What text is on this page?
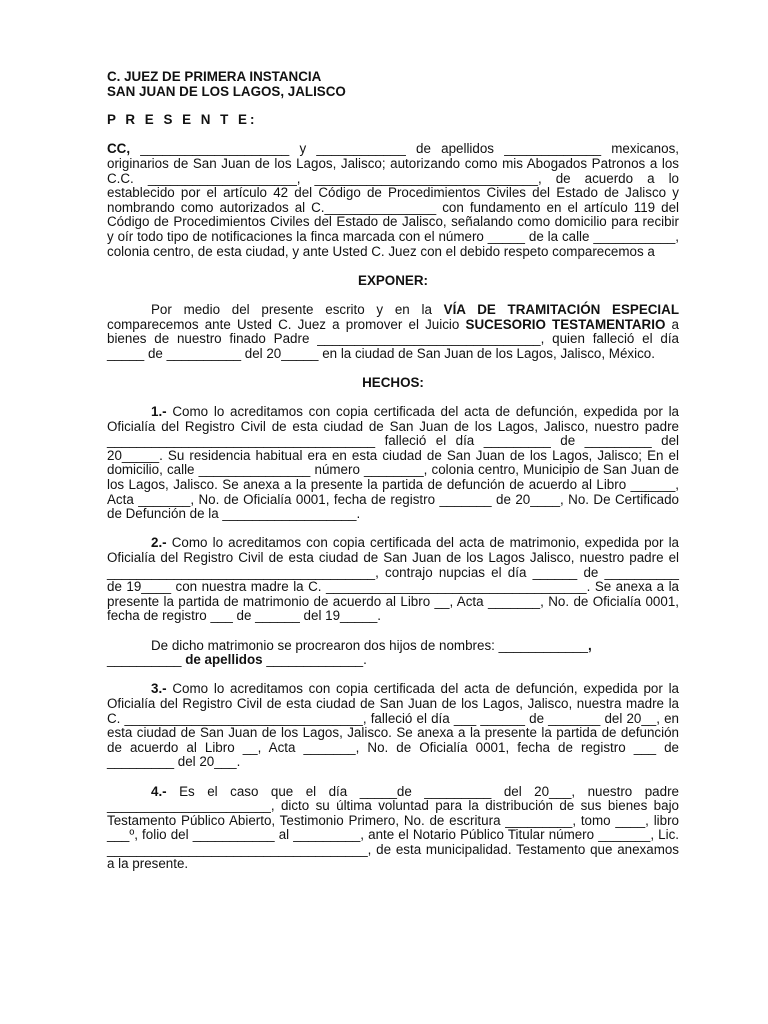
C. JUEZ DE PRIMERA INSTANCIA

SAN JUAN DE LOS LAGOS, JALISCO

P R E S E N T E:

CC, ____________________ y ____________ de apellidos _____________ mexicanos, originarios de San Juan de los Lagos, Jalisco; autorizando como mis Abogados Patronos a los C.C. ____________________, ______________________________, de acuerdo a lo establecido por el artículo 42 del Código de Procedimientos Civiles del Estado de Jalisco y nombrando como autorizados al C._______________ con fundamento en el artículo 119 del Código de Procedimientos Civiles del Estado de Jalisco, señalando como domicilio para recibir y oír todo tipo de notificaciones la finca marcada con el número _____ de la calle ___________, colonia centro, de esta ciudad, y ante Usted C. Juez con el debido respeto comparecemos a

EXPONER:

Por medio del presente escrito y en la VÍA DE TRAMITACIÓN ESPECIAL comparecemos ante Usted C. Juez a promover el Juicio SUCESORIO TESTAMENTARIO a bienes de nuestro finado Padre ______________________________, quien falleció el día _____ de __________ del 20_____ en la ciudad de San Juan de los Lagos, Jalisco, México.

HECHOS:

1.- Como lo acreditamos con copia certificada del acta de defunción, expedida por la Oficialía del Registro Civil de esta ciudad de San Juan de los Lagos, Jalisco, nuestro padre ____________________________________ falleció el día _________ de _________ del 20_____. Su residencia habitual era en esta ciudad de San Juan de los Lagos, Jalisco; En el domicilio, calle _______________ número ________, colonia centro, Municipio de San Juan de los Lagos, Jalisco. Se anexa a la presente la partida de defunción de acuerdo al Libro ______, Acta _______, No. de Oficialía 0001, fecha de registro _______ de 20____, No. De Certificado de Defunción de la __________________.

2.- Como lo acreditamos con copia certificada del acta de matrimonio, expedida por la Oficialía del Registro Civil de esta ciudad de San Juan de los Lagos Jalisco, nuestro padre el ____________________________________, contrajo nupcias el día ______ de __________ de 19____ con nuestra madre la C. ___________________________________. Se anexa a la presente la partida de matrimonio de acuerdo al Libro __, Acta _______, No. de Oficialía 0001, fecha de registro ___ de ______ del 19_____.

De dicho matrimonio se procrearon dos hijos de nombres: ____________,

__________ de apellidos _____________.

3.- Como lo acreditamos con copia certificada del acta de defunción, expedida por la Oficialía del Registro Civil de esta ciudad de San Juan de los Lagos, Jalisco, nuestra madre la C. ________________________________, falleció el día ___ ______ de _______ del 20__, en esta ciudad de San Juan de los Lagos, Jalisco. Se anexa a la presente la partida de defunción de acuerdo al Libro __, Acta _______, No. de Oficialía 0001, fecha de registro ___ de _________ del 20___.

4.- Es el caso que el día _____de _________ del 20___, nuestro padre ______________________, dicto su última voluntad para la distribución de sus bienes bajo Testamento Público Abierto, Testimonio Primero, No. de escritura _________, tomo ____, libro ___º, folio del ___________ al _________, ante el Notario Público Titular número _______, Lic. ___________________________________, de esta municipalidad. Testamento que anexamos a la presente.
